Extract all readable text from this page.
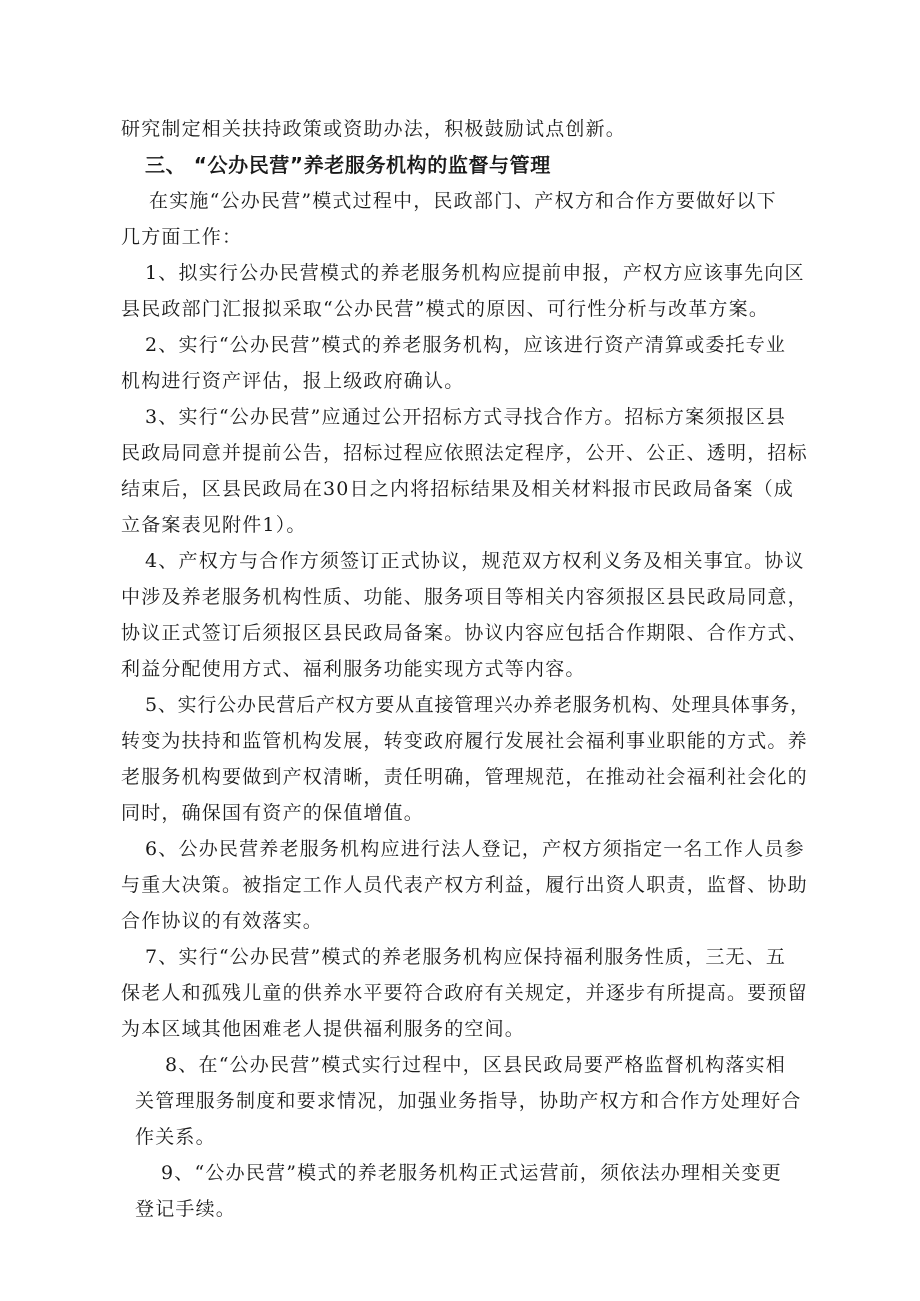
研究制定相关扶持政策或资助办法，积极鼓励试点创新。
三、 “公办民营”养老服务机构的监督与管理
在实施“公办民营”模式过程中，民政部门、产权方和合作方要做好以下
几方面工作：
1、拟实行公办民营模式的养老服务机构应提前申报，产权方应该事先向区
县民政部门汇报拟采取“公办民营”模式的原因、可行性分析与改革方案。
2、实行“公办民营”模式的养老服务机构，应该进行资产清算或委托专业
机构进行资产评估，报上级政府确认。
3、实行“公办民营”应通过公开招标方式寻找合作方。招标方案须报区县
民政局同意并提前公告，招标过程应依照法定程序，公开、公正、透明，招标
结束后，区县民政局在30日之内将招标结果及相关材料报市民政局备案（成
立备案表见附件1）。
4、产权方与合作方须签订正式协议，规范双方权利义务及相关事宜。协议
中涉及养老服务机构性质、功能、服务项目等相关内容须报区县民政局同意，
协议正式签订后须报区县民政局备案。协议内容应包括合作期限、合作方式、
利益分配使用方式、福利服务功能实现方式等内容。
5、实行公办民营后产权方要从直接管理兴办养老服务机构、处理具体事务，
转变为扶持和监管机构发展，转变政府履行发展社会福利事业职能的方式。养
老服务机构要做到产权清晰，责任明确，管理规范，在推动社会福利社会化的
同时，确保国有资产的保值增值。
6、公办民营养老服务机构应进行法人登记，产权方须指定一名工作人员参
与重大决策。被指定工作人员代表产权方利益，履行出资人职责，监督、协助
合作协议的有效落实。
7、实行“公办民营”模式的养老服务机构应保持福利服务性质，三无、五
保老人和孤残儿童的供养水平要符合政府有关规定，并逐步有所提高。要预留
为本区域其他困难老人提供福利服务的空间。
8、在“公办民营”模式实行过程中，区县民政局要严格监督机构落实相
关管理服务制度和要求情况，加强业务指导，协助产权方和合作方处理好合
作关系。
9、“公办民营”模式的养老服务机构正式运营前，须依法办理相关变更
登记手续。
